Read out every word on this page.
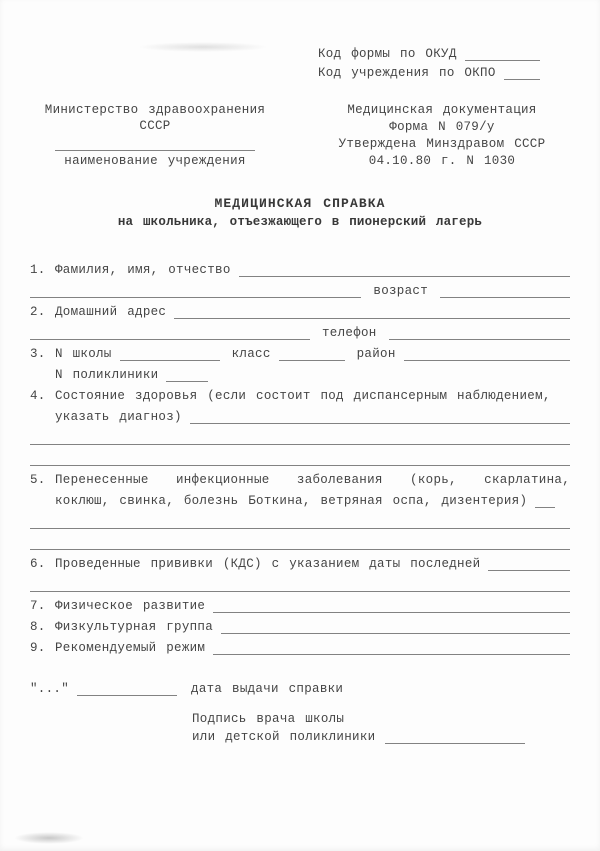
Код формы по ОКУД
Код учреждения по ОКПО
Министерство здравоохранения
СССР
наименование учреждения
Медицинская документация
Форма N 079/у
Утверждена Минздравом СССР
04.10.80 г. N 1030
МЕДИЦИНСКАЯ СПРАВКА
на школьника, отъезжающего в пионерский лагерь
1. Фамилия, имя, отчество
возраст
2. Домашний адрес
телефон
3. N школы	класс	район
N поликлиники
4. Состояние здоровья (если состоит под диспансерным наблюдением,
указать диагноз)
5. Перенесенные инфекционные заболевания (корь, скарлатина,
коклюш, свинка, болезнь Боткина, ветряная оспа, дизентерия)
6. Проведенные прививки (КДС) с указанием даты последней
7. Физическое развитие
8. Физкультурная группа
9. Рекомендуемый режим
"..."	дата выдачи справки
Подпись врача школы
или детской поликлиники
